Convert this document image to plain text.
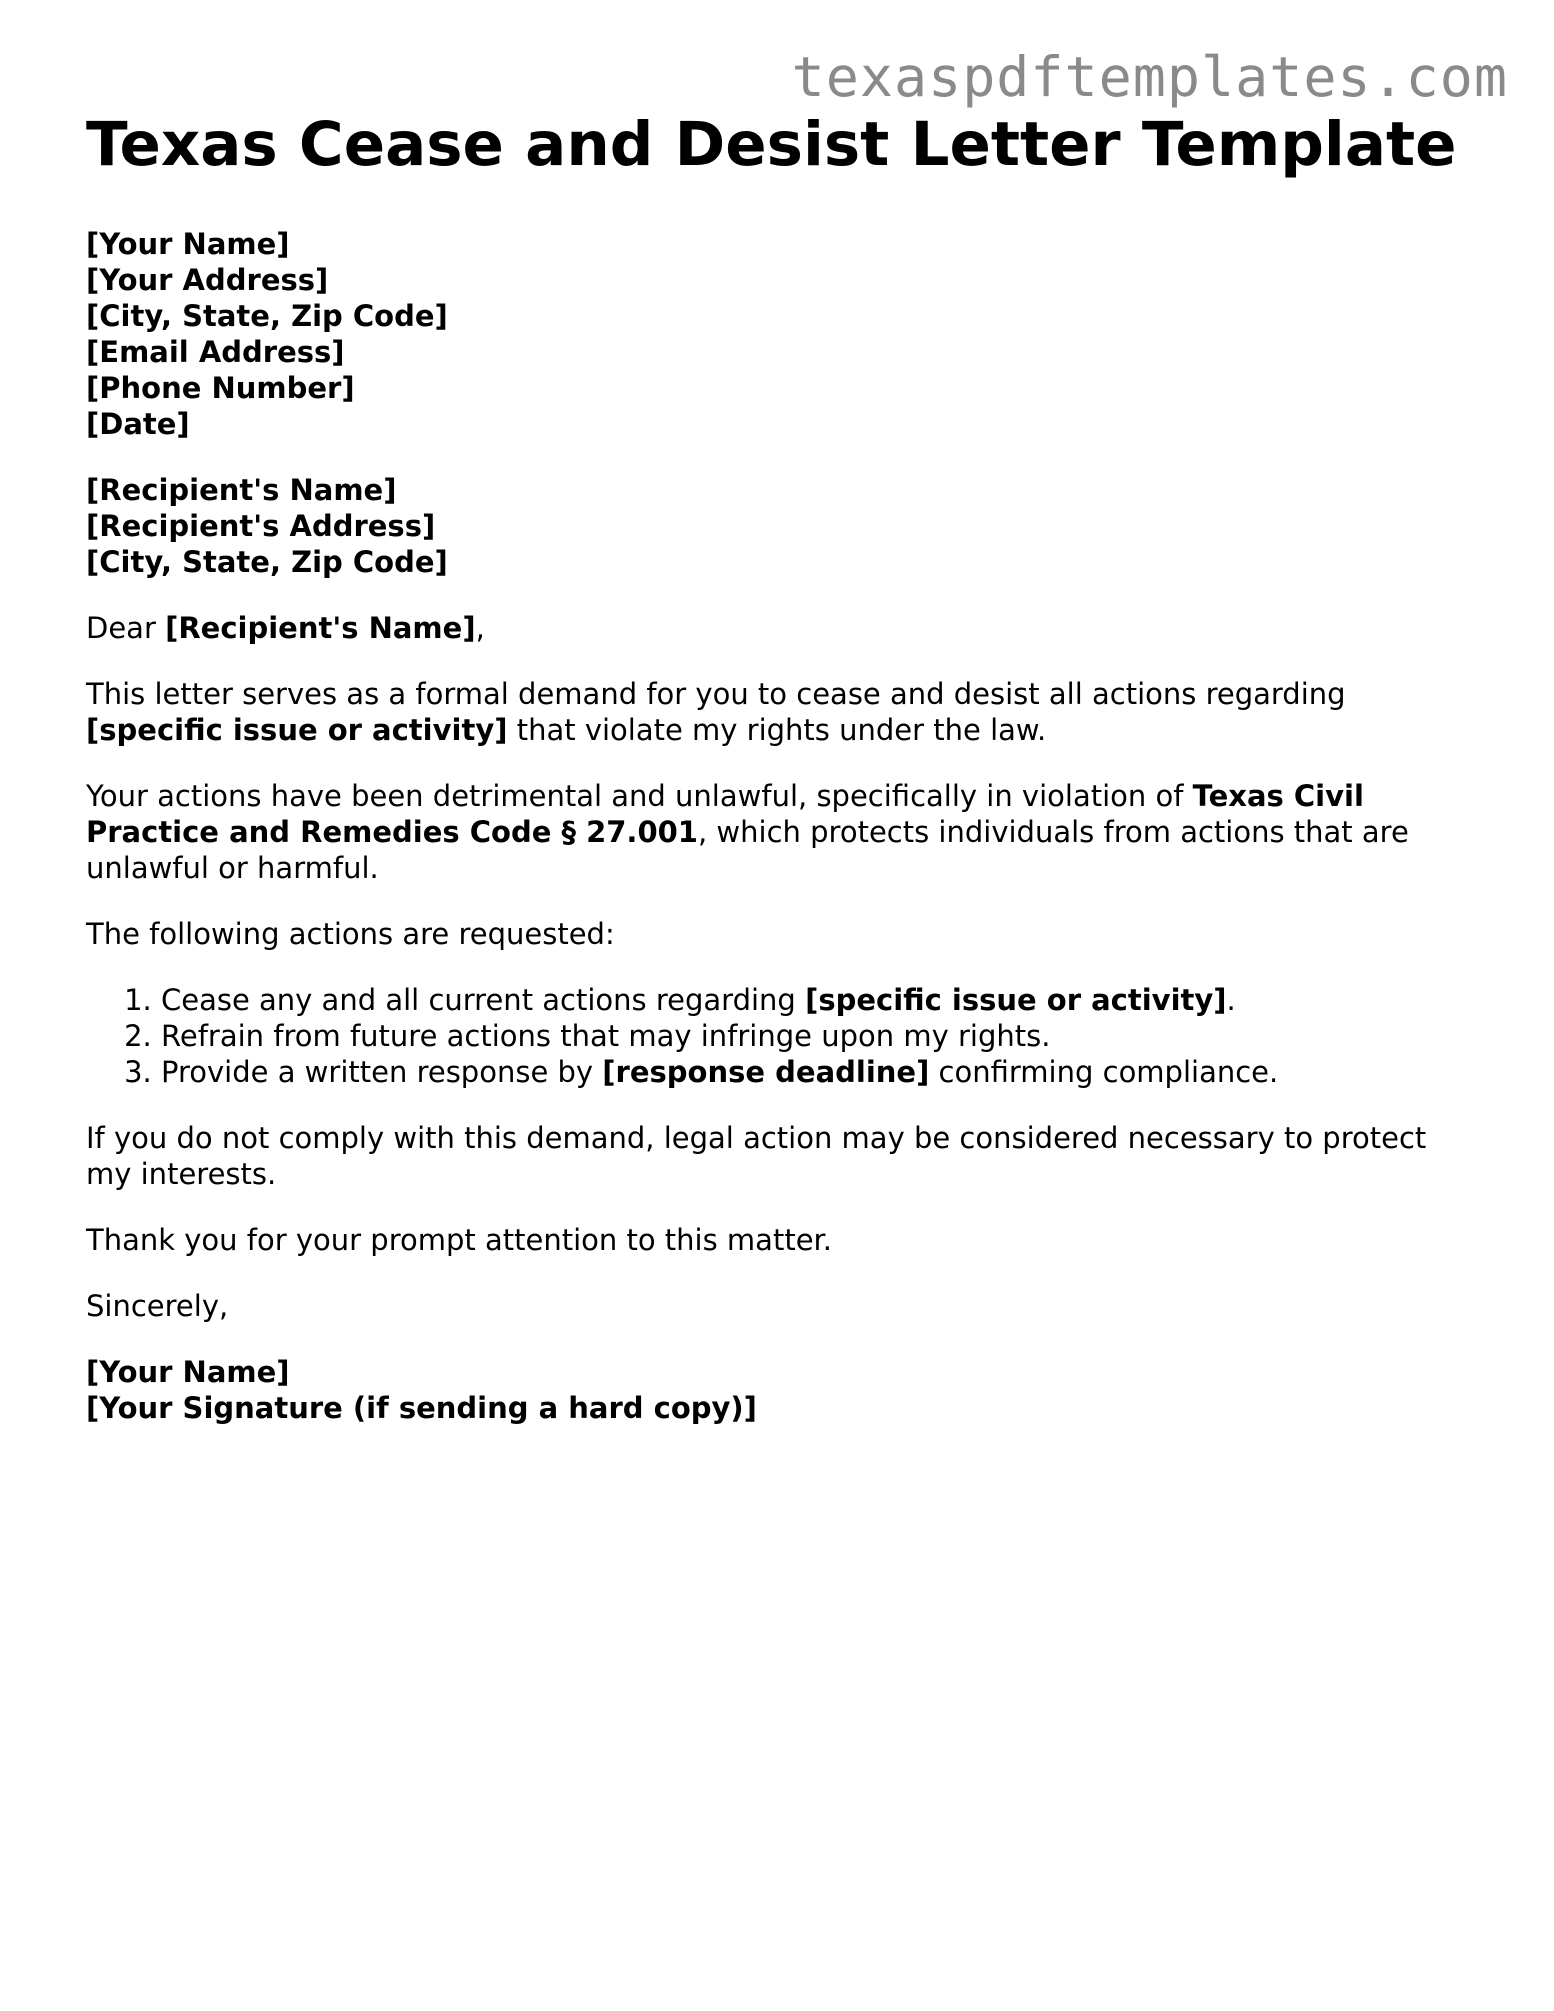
texaspdftemplates.com
Texas Cease and Desist Letter Template
[Your Name]
[Your Address]
[City, State, Zip Code]
[Email Address]
[Phone Number]
[Date]
[Recipient's Name]
[Recipient's Address]
[City, State, Zip Code]

Dear [Recipient's Name],

This letter serves as a formal demand for you to cease and desist all actions regarding [specific issue or activity] that violate my rights under the law.

Your actions have been detrimental and unlawful, specifically in violation of Texas Civil Practice and Remedies Code § 27.001, which protects individuals from actions that are unlawful or harmful.

The following actions are requested:

1. Cease any and all current actions regarding [specific issue or activity].
2. Refrain from future actions that may infringe upon my rights.
3. Provide a written response by [response deadline] confirming compliance.

If you do not comply with this demand, legal action may be considered necessary to protect my interests.

Thank you for your prompt attention to this matter.

Sincerely,

[Your Name]
[Your Signature (if sending a hard copy)]
